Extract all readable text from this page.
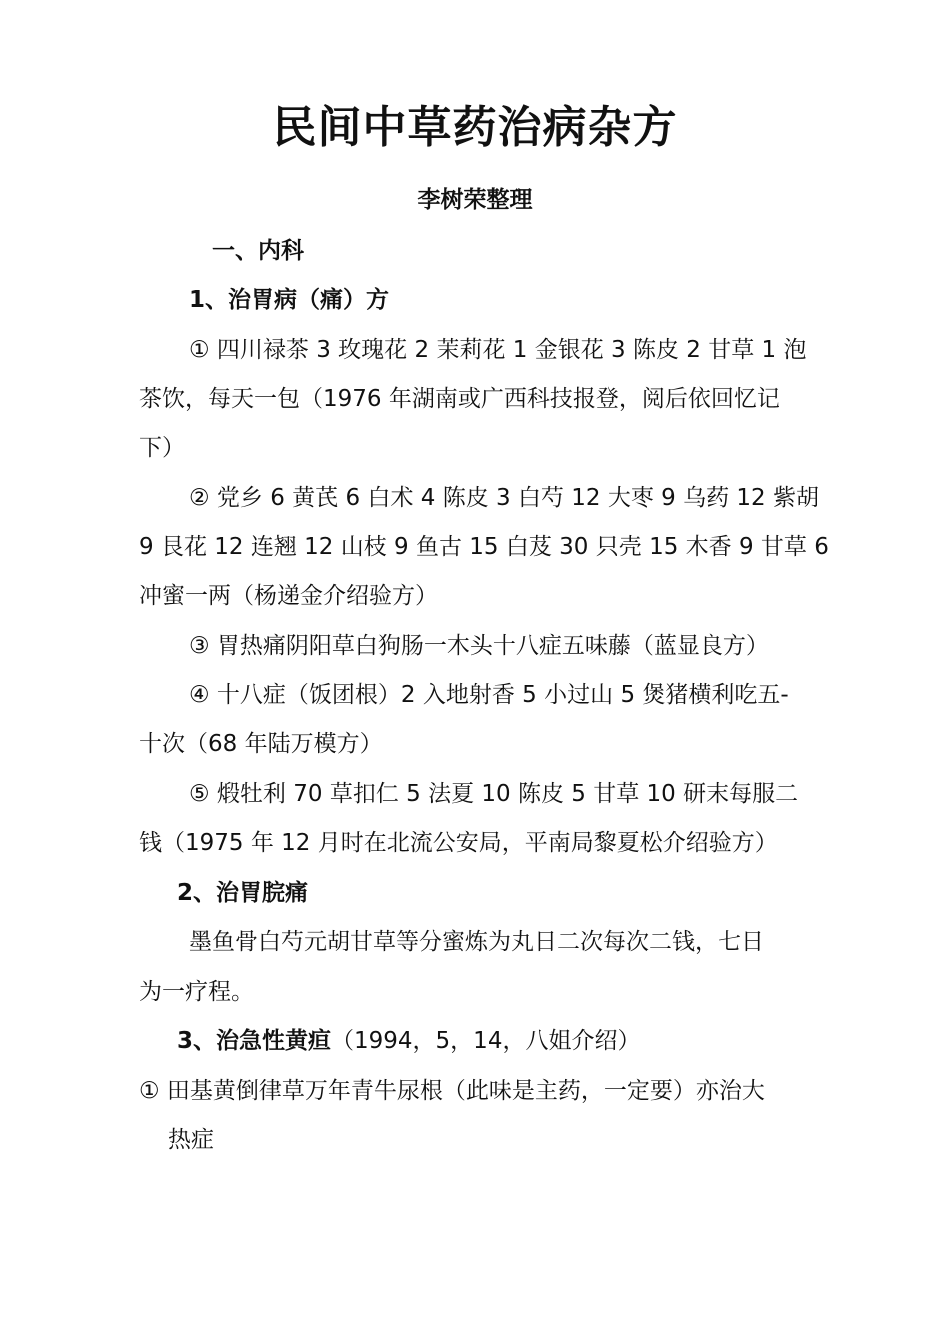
民间中草药治病杂方
李树荣整理
一、内科
1、治胃病（痛）方
① 四川禄茶 3 玫瑰花 2 茉莉花 1 金银花 3 陈皮 2 甘草 1 泡
茶饮，每天一包（1976 年湖南或广西科技报登，阅后依回忆记
下）
② 党乡 6 黄芪 6 白术 4 陈皮 3 白芍 12 大枣 9 乌药 12 紫胡
9 艮花 12 连翘 12 山枝 9 鱼古 15 白芨 30 只壳 15 木香 9 甘草 6
冲蜜一两（杨递金介绍验方）
③ 胃热痛阴阳草白狗肠一木头十八症五味藤（蓝显良方）
④ 十八症（饭团根）2 入地射香 5 小过山 5 煲猪横利吃五-
十次（68 年陆万模方）
⑤ 煅牡利 70 草扣仁 5 法夏 10 陈皮 5 甘草 10 研末每服二
钱（1975 年 12 月时在北流公安局，平南局黎夏松介绍验方）
2、治胃脘痛
墨鱼骨白芍元胡甘草等分蜜炼为丸日二次每次二钱，七日
为一疗程。
3、治急性黄疸（1994，5，14，八姐介绍）
① 田基黄倒律草万年青牛尿根（此味是主药，一定要）亦治大
热症
